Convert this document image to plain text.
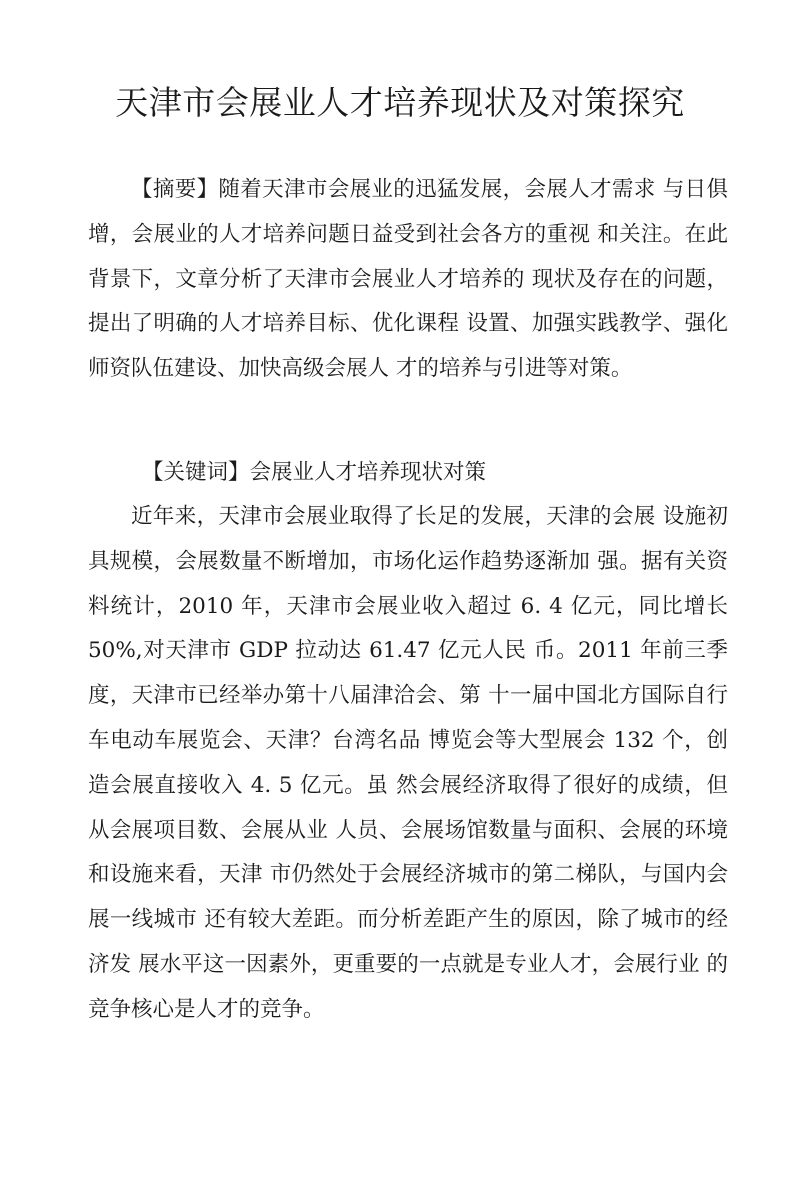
天津市会展业人才培养现状及对策探究

【摘要】随着天津市会展业的迅猛发展，会展人才需求 与日俱增，会展业的人才培养问题日益受到社会各方的重视 和关注。在此背景下，文章分析了天津市会展业人才培养的 现状及存在的问题，提出了明确的人才培养目标、优化课程 设置、加强实践教学、强化师资队伍建设、加快高级会展人 才的培养与引进等对策。

【关键词】会展业人才培养现状对策

近年来，天津市会展业取得了长足的发展，天津的会展 设施初具规模，会展数量不断增加，市场化运作趋势逐渐加 强。据有关资料统计，2010 年，天津市会展业收入超过 6. 4 亿元，同比增长 50%,对天津市 GDP 拉动达 61.47 亿元人民 币。2011 年前三季度，天津市已经举办第十八届津洽会、第 十一届中国北方国际自行车电动车展览会、天津？台湾名品 博览会等大型展会 132 个，创造会展直接收入 4. 5 亿元。虽 然会展经济取得了很好的成绩，但从会展项目数、会展从业 人员、会展场馆数量与面积、会展的环境和设施来看，天津 市仍然处于会展经济城市的第二梯队，与国内会展一线城市 还有较大差距。而分析差距产生的原因，除了城市的经济发 展水平这一因素外，更重要的一点就是专业人才，会展行业 的竞争核心是人才的竞争。
